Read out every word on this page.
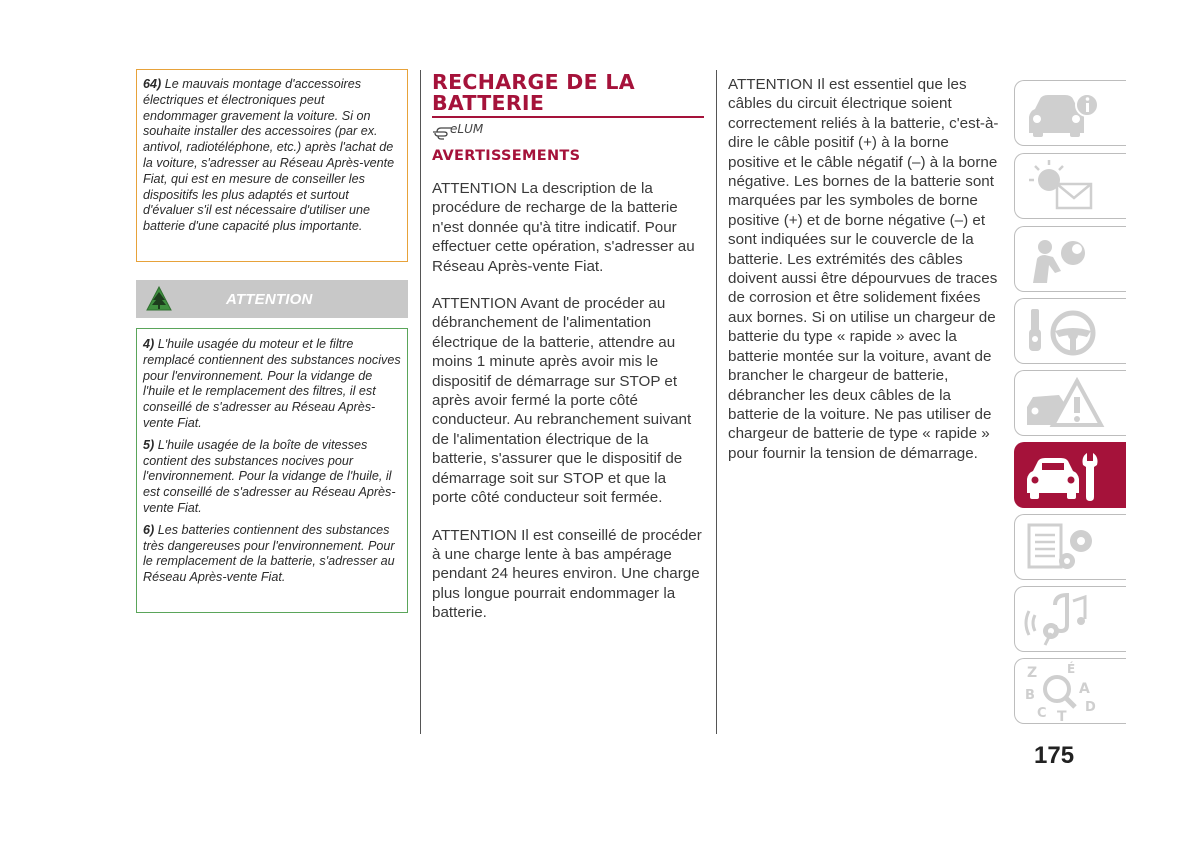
64) Le mauvais montage d'accessoires électriques et électroniques peut endommager gravement la voiture. Si on souhaite installer des accessoires (par ex. antivol, radiotéléphone, etc.) après l'achat de la voiture, s'adresser au Réseau Après-vente Fiat, qui est en mesure de conseiller les dispositifs les plus adaptés et surtout d'évaluer s'il est nécessaire d'utiliser une batterie d'une capacité plus importante.

ATTENTION

4) L'huile usagée du moteur et le filtre remplacé contiennent des substances nocives pour l'environnement. Pour la vidange de l'huile et le remplacement des filtres, il est conseillé de s'adresser au Réseau Après-vente Fiat.

5) L'huile usagée de la boîte de vitesses contient des substances nocives pour l'environnement. Pour la vidange de l'huile, il est conseillé de s'adresser au Réseau Après-vente Fiat.

6) Les batteries contiennent des substances très dangereuses pour l'environnement. Pour le remplacement de la batterie, s'adresser au Réseau Après-vente Fiat.

RECHARGE DE LA
BATTERIE
eLUM
AVERTISSEMENTS

ATTENTION La description de la procédure de recharge de la batterie n'est donnée qu'à titre indicatif. Pour effectuer cette opération, s'adresser au Réseau Après-vente Fiat.

ATTENTION Avant de procéder au débranchement de l'alimentation électrique de la batterie, attendre au moins 1 minute après avoir mis le dispositif de démarrage sur STOP et après avoir fermé la porte côté conducteur. Au rebranchement suivant de l'alimentation électrique de la batterie, s'assurer que le dispositif de démarrage soit sur STOP et que la porte côté conducteur soit fermée.

ATTENTION Il est conseillé de procéder à une charge lente à bas ampérage pendant 24 heures environ. Une charge plus longue pourrait endommager la batterie.

ATTENTION Il est essentiel que les câbles du circuit électrique soient correctement reliés à la batterie, c'est-à-dire le câble positif (+) à la borne positive et le câble négatif (–) à la borne négative. Les bornes de la batterie sont marquées par les symboles de borne positive (+) et de borne négative (–) et sont indiquées sur le couvercle de la batterie. Les extrémités des câbles doivent aussi être dépourvues de traces de corrosion et être solidement fixées aux bornes. Si on utilise un chargeur de batterie du type « rapide » avec la batterie montée sur la voiture, avant de brancher le chargeur de batterie, débrancher les deux câbles de la batterie de la voiture. Ne pas utiliser de chargeur de batterie de type « rapide » pour fournir la tension de démarrage.

Z É
B	A
C T
D
175
